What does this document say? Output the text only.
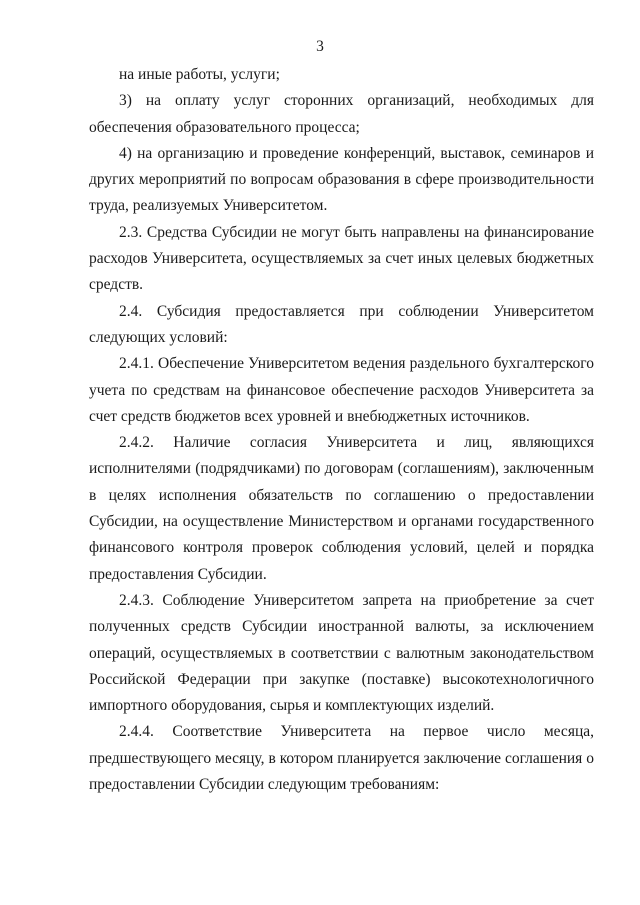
3

на иные работы, услуги;

3) на оплату услуг сторонних организаций, необходимых для обеспечения образовательного процесса;

4) на организацию и проведение конференций, выставок, семинаров и других мероприятий по вопросам образования в сфере производительности труда, реализуемых Университетом.

2.3. Средства Субсидии не могут быть направлены на финансирование расходов Университета, осуществляемых за счет иных целевых бюджетных средств.

2.4. Субсидия предоставляется при соблюдении Университетом следующих условий:

2.4.1. Обеспечение Университетом ведения раздельного бухгалтерского учета по средствам на финансовое обеспечение расходов Университета за счет средств бюджетов всех уровней и внебюджетных источников.

2.4.2. Наличие согласия Университета и лиц, являющихся исполнителями (подрядчиками) по договорам (соглашениям), заключенным в целях исполнения обязательств по соглашению о предоставлении Субсидии, на осуществление Министерством и органами государственного финансового контроля проверок соблюдения условий, целей и порядка предоставления Субсидии.

2.4.3. Соблюдение Университетом запрета на приобретение за счет полученных средств Субсидии иностранной валюты, за исключением операций, осуществляемых в соответствии с валютным законодательством Российской Федерации при закупке (поставке) высокотехнологичного импортного оборудования, сырья и комплектующих изделий.

2.4.4. Соответствие Университета на первое число месяца, предшествующего месяцу, в котором планируется заключение соглашения о предоставлении Субсидии следующим требованиям:
